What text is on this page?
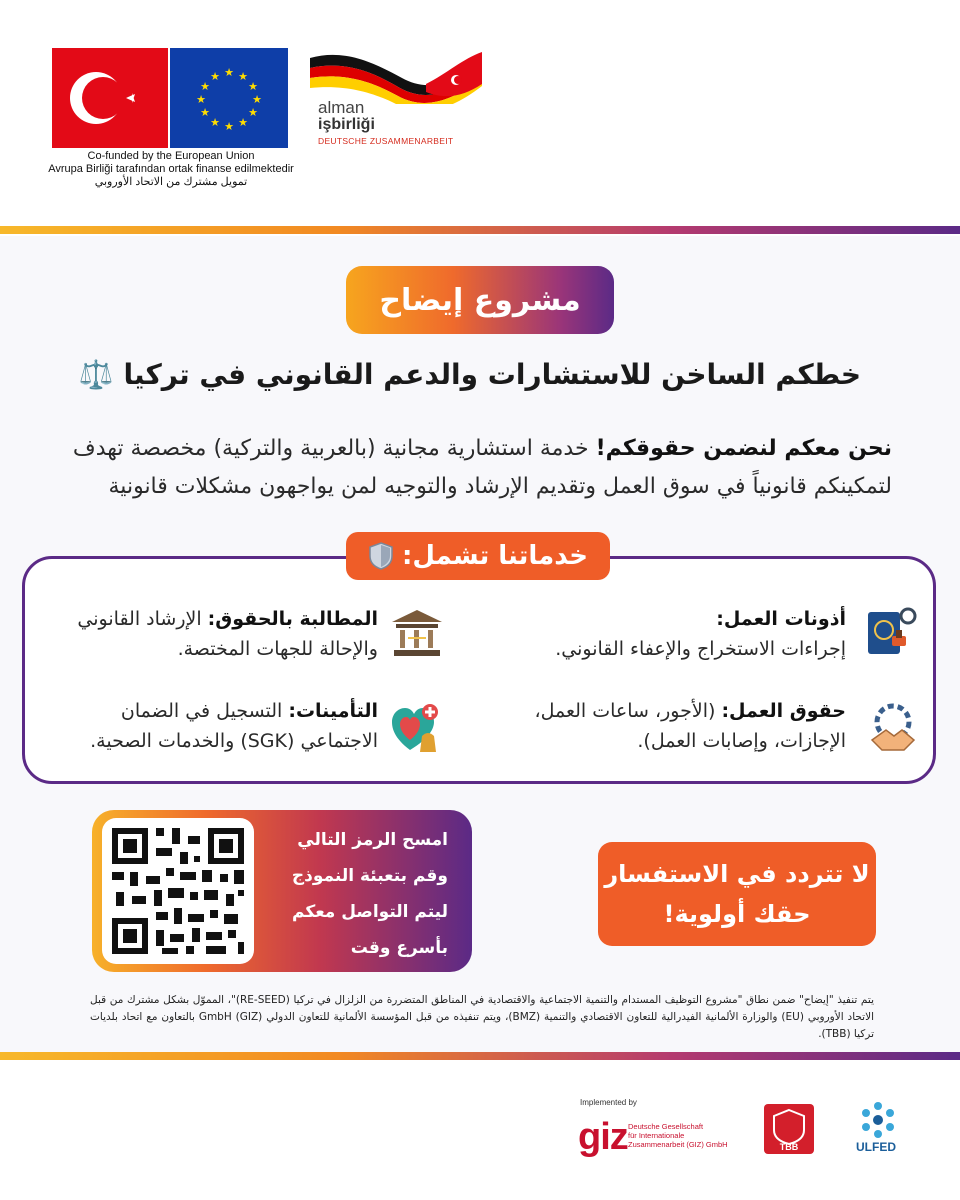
★ ★
★
★
★
★
★
★
★
★
★
★
Co-funded by the European Union
Avrupa Birliği tarafından ortak finanse edilmektedir
تمويل مشترك من الاتحاد الأوروبي
alman
işbirliği
DEUTSCHE ZUSAMMENARBEIT
مشروع إيضاح
خطكم الساخن للاستشارات والدعم القانوني في تركيا ⚖️
نحن معكم لنضمن حقوقكم! خدمة استشارية مجانية (بالعربية والتركية) مخصصة تهدف
لتمكينكم قانونياً في سوق العمل وتقديم الإرشاد والتوجيه لمن يواجهون مشكلات قانونية
خدماتنا تشمل:
أذونات العمل:
إجراءات الاستخراج والإعفاء القانوني.
المطالبة بالحقوق: الإرشاد القانوني
والإحالة للجهات المختصة.
حقوق العمل: (الأجور، ساعات العمل،
الإجازات، وإصابات العمل).
التأمينات: التسجيل في الضمان
الاجتماعي (SGK) والخدمات الصحية.
امسح الرمز التالي
وقم بتعبئة النموذج
ليتم التواصل معكم
بأسرع وقت
لا تتردد في الاستفسار
حقك أولوية!
يتم تنفيذ "إيضاح" ضمن نطاق "مشروع التوظيف المستدام والتنمية الاجتماعية والاقتصادية في المناطق المتضررة من الزلزال في تركيا (RE-SEED)"، المموّل بشكل مشترك من قبل الاتحاد الأوروبي (EU) والوزارة الألمانية الفيدرالية للتعاون الاقتصادي والتنمية (BMZ)، ويتم تنفيذه من قبل المؤسسة الألمانية للتعاون الدولي GmbH (GIZ) بالتعاون مع اتحاد بلديات تركيا (TBB).
Implemented by
giz Deutsche Gesellschaft
für Internationale
Zusammenarbeit (GIZ) GmbH	TBB	ULFED
